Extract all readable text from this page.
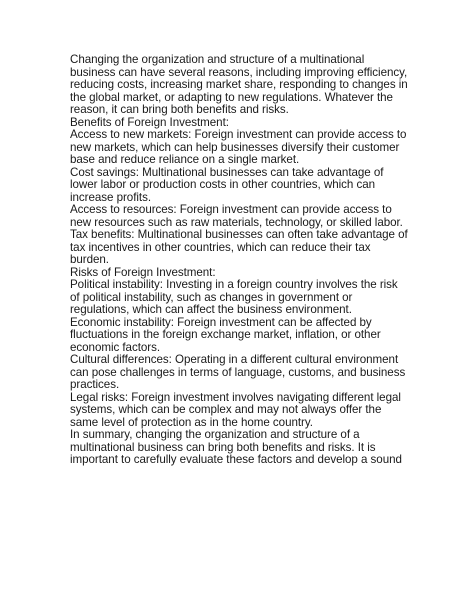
Changing the organization and structure of a multinational business can have several reasons, including improving efficiency, reducing costs, increasing market share, responding to changes in the global market, or adapting to new regulations. Whatever the reason, it can bring both benefits and risks.

Benefits of Foreign Investment:

Access to new markets: Foreign investment can provide access to new markets, which can help businesses diversify their customer base and reduce reliance on a single market.

Cost savings: Multinational businesses can take advantage of lower labor or production costs in other countries, which can increase profits.

Access to resources: Foreign investment can provide access to new resources such as raw materials, technology, or skilled labor.

Tax benefits: Multinational businesses can often take advantage of tax incentives in other countries, which can reduce their tax burden.

Risks of Foreign Investment:

Political instability: Investing in a foreign country involves the risk of political instability, such as changes in government or regulations, which can affect the business environment.

Economic instability: Foreign investment can be affected by fluctuations in the foreign exchange market, inflation, or other economic factors.

Cultural differences: Operating in a different cultural environment can pose challenges in terms of language, customs, and business practices.

Legal risks: Foreign investment involves navigating different legal systems, which can be complex and may not always offer the same level of protection as in the home country.

In summary, changing the organization and structure of a multinational business can bring both benefits and risks. It is important to carefully evaluate these factors and develop a sound
